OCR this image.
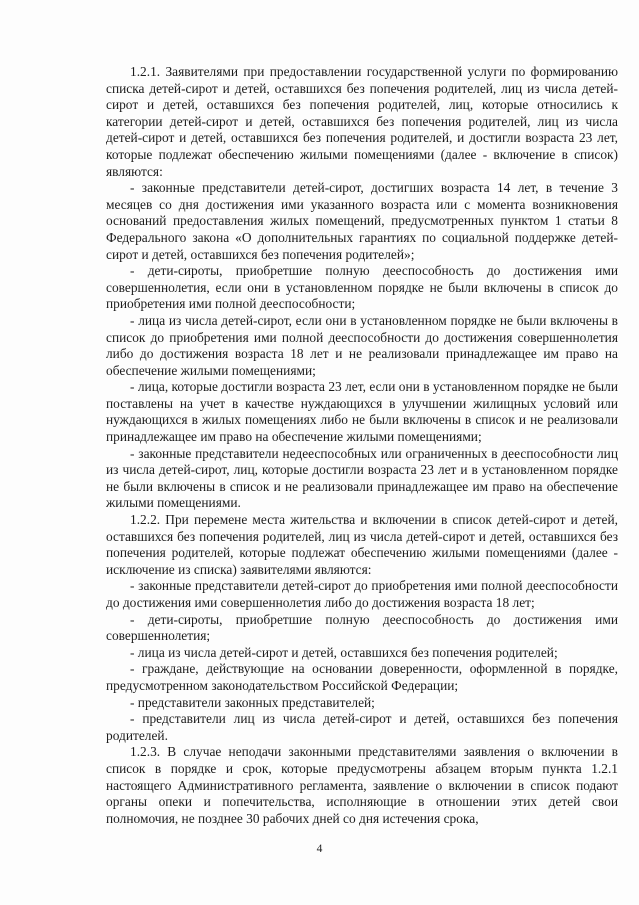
1.2.1. Заявителями при предоставлении государственной услуги по формированию списка детей-сирот и детей, оставшихся без попечения родителей, лиц из числа детей-сирот и детей, оставшихся без попечения родителей, лиц, которые относились к категории детей-сирот и детей, оставшихся без попечения родителей, лиц из числа детей-сирот и детей, оставшихся без попечения родителей, и достигли возраста 23 лет, которые подлежат обеспечению жилыми помещениями (далее - включение в список) являются:

- законные представители детей-сирот, достигших возраста 14 лет, в течение 3 месяцев со дня достижения ими указанного возраста или с момента возникновения оснований предоставления жилых помещений, предусмотренных пунктом 1 статьи 8 Федерального закона «О дополнительных гарантиях по социальной поддержке детей-сирот и детей, оставшихся без попечения родителей»;

- дети-сироты, приобретшие полную дееспособность до достижения ими совершеннолетия, если они в установленном порядке не были включены в список до приобретения ими полной дееспособности;

- лица из числа детей-сирот, если они в установленном порядке не были включены в список до приобретения ими полной дееспособности до достижения совершеннолетия либо до достижения возраста 18 лет и не реализовали принадлежащее им право на обеспечение жилыми помещениями;

- лица, которые достигли возраста 23 лет, если они в установленном порядке не были поставлены на учет в качестве нуждающихся в улучшении жилищных условий или нуждающихся в жилых помещениях либо не были включены в список и не реализовали принадлежащее им право на обеспечение жилыми помещениями;

- законные представители недееспособных или ограниченных в дееспособности лиц из числа детей-сирот, лиц, которые достигли возраста 23 лет и в установленном порядке не были включены в список и не реализовали принадлежащее им право на обеспечение жилыми помещениями.

1.2.2. При перемене места жительства и включении в список детей-сирот и детей, оставшихся без попечения родителей, лиц из числа детей-сирот и детей, оставшихся без попечения родителей, которые подлежат обеспечению жилыми помещениями (далее - исключение из списка) заявителями являются:

- законные представители детей-сирот до приобретения ими полной дееспособности до достижения ими совершеннолетия либо до достижения возраста 18 лет;

- дети-сироты, приобретшие полную дееспособность до достижения ими совершеннолетия;

- лица из числа детей-сирот и детей, оставшихся без попечения родителей;

- граждане, действующие на основании доверенности, оформленной в порядке, предусмотренном законодательством Российской Федерации;

- представители законных представителей;

- представители лиц из числа детей-сирот и детей, оставшихся без попечения родителей.

1.2.3. В случае неподачи законными представителями заявления о включении в список в порядке и срок, которые предусмотрены абзацем вторым пункта 1.2.1 настоящего Административного регламента, заявление о включении в список подают органы опеки и попечительства, исполняющие в отношении этих детей свои полномочия, не позднее 30 рабочих дней со дня истечения срока,

4
